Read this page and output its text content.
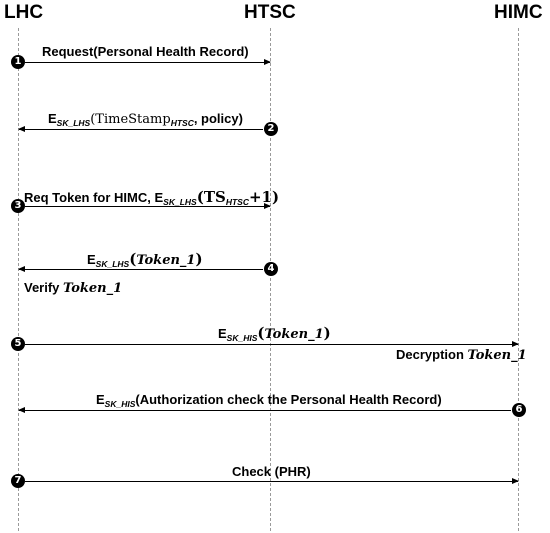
LHC	HTSC	HIMC
1
Request(Personal Health Record)
$E_{SK\_LHS}(TimeStamp_{HTSC}$, policy)
2
3
Req Token for HIMC, $E_{SK\_LHS}(TS_{HTSC}+1)$
$E_{SK\_LHS}(Token\_1)$
4
Verify Token_1
5
$E_{SK\_HIS}(Token\_1)$
Decryption Token_1
$E_{SK\_HIS}(Authorization$ check the Personal Health Record)
6
7
Check (PHR)
